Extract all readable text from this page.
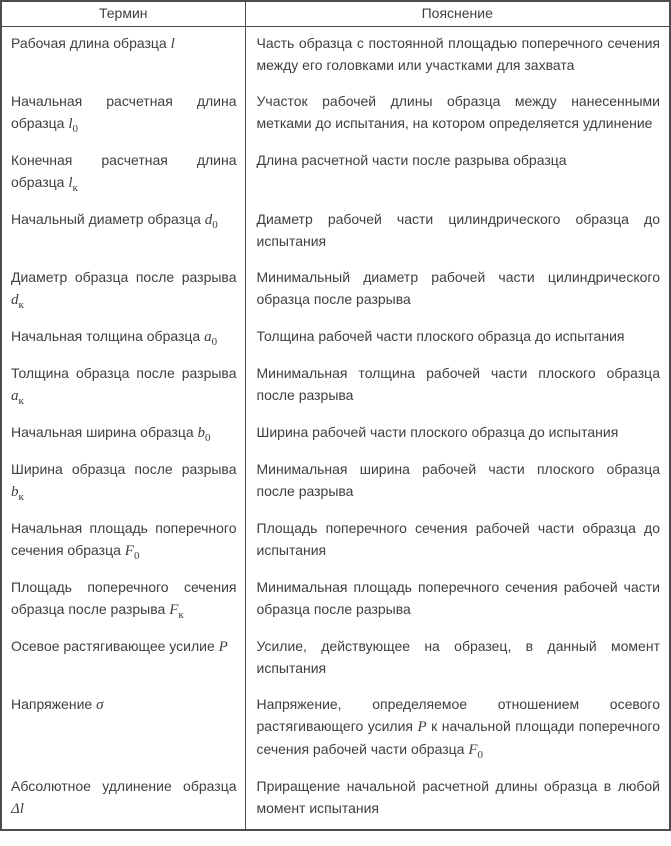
Термин	Пояснение
Рабочая длина образца l	Часть образца с постоянной площадью поперечного сечения между его головками или участками для захвата
Начальная расчетная длина образца $l_0$	Участок рабочей длины образца между нанесенными метками до испытания, на котором определяется удлинение
Конечная расчетная длина образца $l_к$	Длина расчетной части после разрыва образца
Начальный диаметр образца $d_0$	Диаметр рабочей части цилиндрического образца до испытания
Диаметр образца после разрыва $d_к$	Минимальный диаметр рабочей части цилиндрического образца после разрыва
Начальная толщина образца $a_0$	Толщина рабочей части плоского образца до испытания
Толщина образца после разрыва $a_к$	Минимальная толщина рабочей части плоского образца после разрыва
Начальная ширина образца $b_0$	Ширина рабочей части плоского образца до испытания
Ширина образца после разрыва $b_к$	Минимальная ширина рабочей части плоского образца после разрыва
Начальная площадь поперечного сечения образца $F_0$	Площадь поперечного сечения рабочей части образца до испытания
Площадь поперечного сечения образца после разрыва $F_к$	Минимальная площадь поперечного сечения рабочей части образца после разрыва
Осевое растягивающее усилие P	Усилие, действующее на образец, в данный момент испытания
Напряжение σ	Напряжение, определяемое отношением осевого растягивающего усилия P к начальной площади поперечного сечения рабочей части образца $F_0$
Абсолютное удлинение образца Δl	Приращение начальной расчетной длины образца в любой момент испытания
